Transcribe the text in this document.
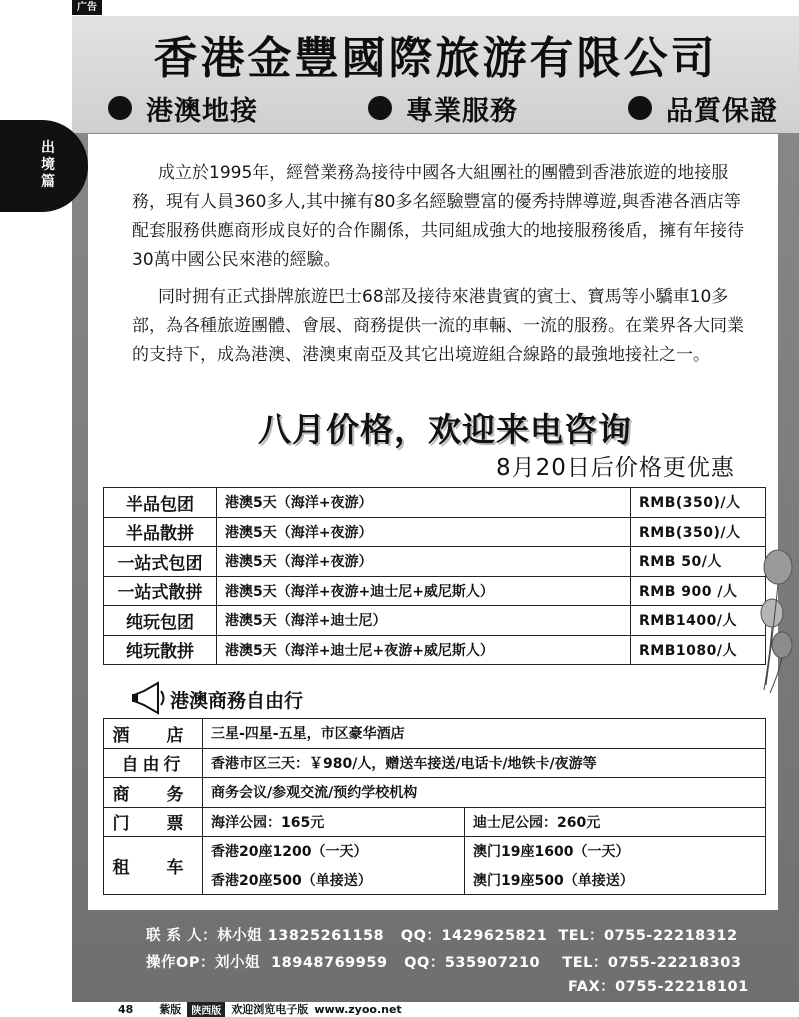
广告
香港金豐國際旅游有限公司
港澳地接	專業服務	品質保證
出
境
篇	成立於1995年，經營業務為接待中國各大組團社的團體到香港旅遊的地接服務，現有人員360多人,其中擁有80多名經驗豐富的優秀持牌導遊,與香港各酒店等配套服務供應商形成良好的合作關係，共同組成強大的地接服務後盾，擁有年接待30萬中國公民來港的經驗。

同时拥有正式掛牌旅遊巴士68部及接待來港貴賓的賓士、寶馬等小驕車10多部，為各種旅遊團體、會展、商務提供一流的車輛、一流的服務。在業界各大同業的支持下，成為港澳、港澳東南亞及其它出境遊組合線路的最強地接社之一。

八月价格，欢迎来电咨询
8月20日后价格更优惠
半品包团	港澳5天（海洋+夜游）	RMB(350)/人
半品散拼	港澳5天（海洋+夜游）	RMB(350)/人
一站式包团	港澳5天（海洋+夜游）	RMB 50/人
一站式散拼	港澳5天（海洋+夜游+迪士尼+威尼斯人）	RMB 900 /人
纯玩包团	港澳5天（海洋+迪士尼）	RMB1400/人
纯玩散拼	港澳5天（海洋+迪士尼+夜游+威尼斯人）	RMB1080/人
港澳商務自由行
酒　店	三星-四星-五星，市区豪华酒店	
自由行	香港市区三天：￥980/人，赠送车接送/电话卡/地铁卡/夜游等	
商　务	商务会议/参观交流/预约学校机构	
门　票	海洋公园：165元	迪士尼公园：260元
租　车	香港20座1200（一天）	澳门19座1600（一天）
	香港20座500（单接送）	澳门19座500（单接送）
联 系 人：林小姐 13825261158   QQ：1429625821  TEL：0755-22218312
操作OP：刘小姐  18948769959   QQ：535907210    TEL：0755-22218303
FAX：0755-22218101
48 紫版	陕西版 欢迎浏览电子版 www.zyoo.net
